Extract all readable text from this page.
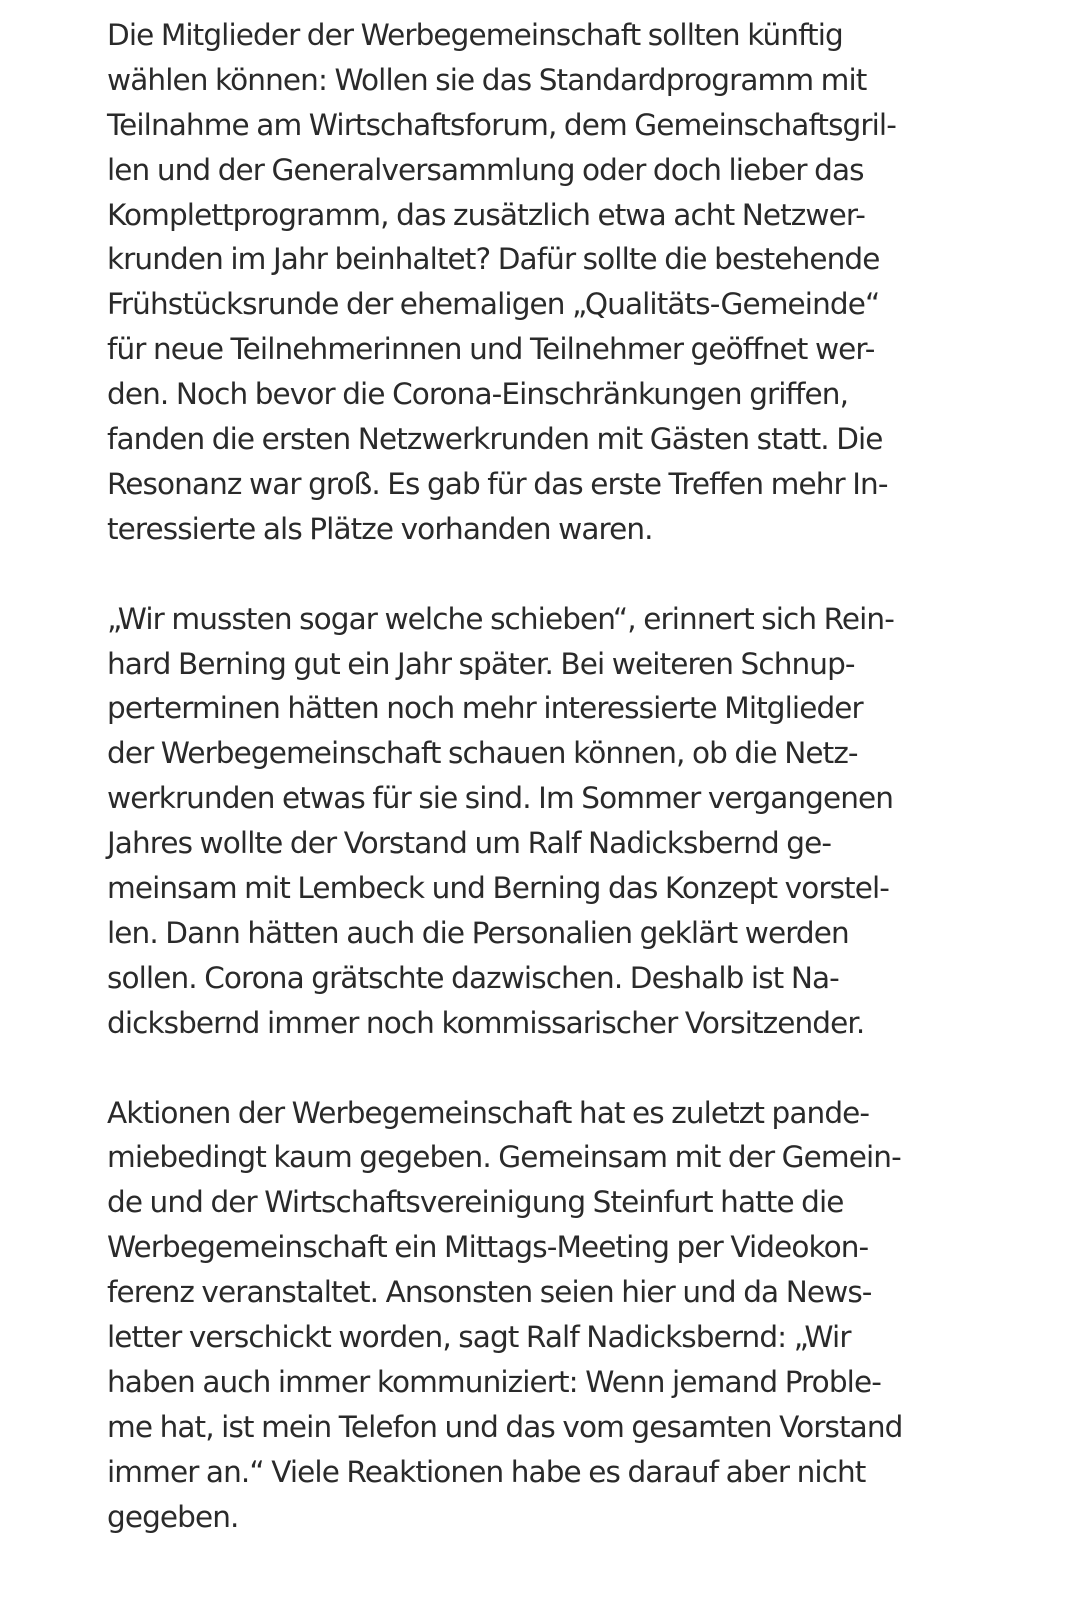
Die Mitglieder der Werbegemeinschaft sollten künftig
wählen können: Wollen sie das Standardprogramm mit
Teilnahme am Wirtschaftsforum, dem Gemeinschaftsgril-
len und der Generalversammlung oder doch lieber das
Komplettprogramm, das zusätzlich etwa acht Netzwer-
krunden im Jahr beinhaltet? Dafür sollte die bestehende
Frühstücksrunde der ehemaligen „Qualitäts-Gemeinde“
für neue Teilnehmerinnen und Teilnehmer geöffnet wer-
den. Noch bevor die Corona-Einschränkungen griffen,
fanden die ersten Netzwerkrunden mit Gästen statt. Die
Resonanz war groß. Es gab für das erste Treffen mehr In-
teressierte als Plätze vorhanden waren.

„Wir mussten sogar welche schieben“, erinnert sich Rein-
hard Berning gut ein Jahr später. Bei weiteren Schnup-
perterminen hätten noch mehr interessierte Mitglieder
der Werbegemeinschaft schauen können, ob die Netz-
werkrunden etwas für sie sind. Im Sommer vergangenen
Jahres wollte der Vorstand um Ralf Nadicksbernd ge-
meinsam mit Lembeck und Berning das Konzept vorstel-
len. Dann hätten auch die Personalien geklärt werden
sollen. Corona grätschte dazwischen. Deshalb ist Na-
dicksbernd immer noch kommissarischer Vorsitzender.

Aktionen der Werbegemeinschaft hat es zuletzt pande-
miebedingt kaum gegeben. Gemeinsam mit der Gemein-
de und der Wirtschaftsvereinigung Steinfurt hatte die
Werbegemeinschaft ein Mittags-Meeting per Videokon-
ferenz veranstaltet. Ansonsten seien hier und da News-
letter verschickt worden, sagt Ralf Nadicksbernd: „Wir
haben auch immer kommuniziert: Wenn jemand Proble-
me hat, ist mein Telefon und das vom gesamten Vorstand
immer an.“ Viele Reaktionen habe es darauf aber nicht
gegeben.
